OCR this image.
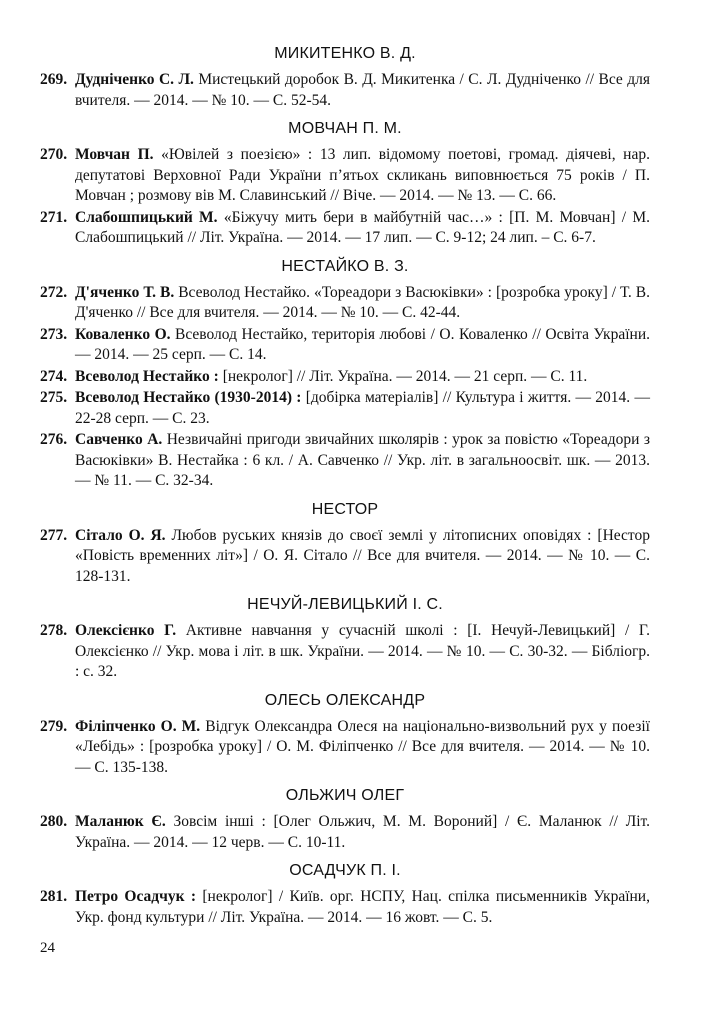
МИКИТЕНКО В. Д.
269. Дудніченко С. Л. Мистецький доробок В. Д. Микитенка / С. Л. Дудніченко // Все для вчителя. — 2014. — № 10. — С. 52-54.
МОВЧАН П. М.
270. Мовчан П. «Ювілей з поезією» : 13 лип. відомому поетові, громад. діячеві, нар. депутатові Верховної Ради України п’ятьох скликань виповнюється 75 років / П. Мовчан ; розмову вів М. Славинський // Віче. — 2014. — № 13. — С. 66.
271. Слабошпицький М. «Біжучу мить бери в майбутній час…» : [П. М. Мовчан] / М. Слабошпицький // Літ. Україна. — 2014. — 17 лип. — С. 9-12; 24 лип. – С. 6-7.
НЕСТАЙКО В. З.
272. Д'яченко Т. В. Всеволод Нестайко. «Тореадори з Васюківки» : [розробка уроку] / Т. В. Д'яченко // Все для вчителя. — 2014. — № 10. — С. 42-44.
273. Коваленко О. Всеволод Нестайко, територія любові / О. Коваленко // Освіта України. — 2014. — 25 серп. — С. 14.
274. Всеволод Нестайко : [некролог] // Літ. Україна. — 2014. — 21 серп. — С. 11.
275. Всеволод Нестайко (1930-2014) : [добірка матеріалів] // Культура і життя. — 2014. — 22-28 серп. — С. 23.
276. Савченко А. Незвичайні пригоди звичайних школярів : урок за повістю «Тореадори з Васюківки» В. Нестайка : 6 кл. / А. Савченко // Укр. літ. в загальноосвіт. шк. — 2013. — № 11. — С. 32-34.
НЕСТОР
277. Сітало О. Я. Любов руських князів до своєї землі у літописних оповідях : [Нестор «Повість временних літ»] / О. Я. Сітало // Все для вчителя. — 2014. — № 10. — С. 128-131.
НЕЧУЙ-ЛЕВИЦЬКИЙ І. С.
278. Олексієнко Г. Активне навчання у сучасній школі : [І. Нечуй-Левицький] / Г. Олексієнко // Укр. мова і літ. в шк. України. — 2014. — № 10. — С. 30-32. — Бібліогр. : с. 32.
ОЛЕСЬ ОЛЕКСАНДР
279. Філіпченко О. М. Відгук Олександра Олеся на національно-визвольний рух у поезії «Лебідь» : [розробка уроку] / О. М. Філіпченко // Все для вчителя. — 2014. — № 10. — С. 135-138.
ОЛЬЖИЧ ОЛЕГ
280. Маланюк Є. Зовсім інші : [Олег Ольжич, М. М. Вороний] / Є. Маланюк // Літ. Україна. — 2014. — 12 черв. — С. 10-11.
ОСАДЧУК П. І.
281. Петро Осадчук : [некролог] / Київ. орг. НСПУ, Нац. спілка письменників України, Укр. фонд культури // Літ. Україна. — 2014. — 16 жовт. — С. 5.
24
